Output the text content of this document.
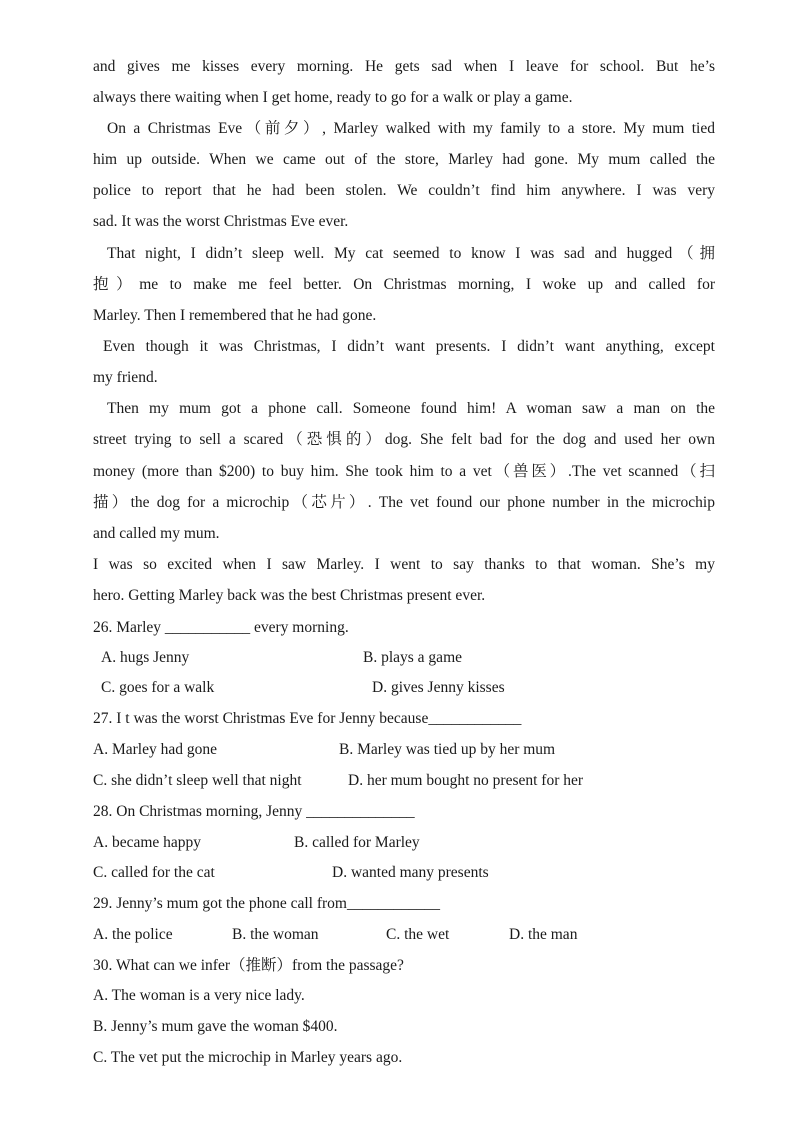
and gives me kisses every morning. He gets sad when I leave for school. But he’s
always there waiting when I get home, ready to go for a walk or play a game.
On a Christmas Eve（前夕）, Marley walked with my family to a store. My mum tied
him up outside. When we came out of the store, Marley had gone. My mum called the
police to report that he had been stolen. We couldn’t find him anywhere. I was very
sad. It was the worst Christmas Eve ever.
That night, I didn’t sleep well. My cat seemed to know I was sad and hugged（拥
抱）me to make me feel better. On Christmas morning, I woke up and called for
Marley. Then I remembered that he had gone.
Even though it was Christmas, I didn’t want presents. I didn’t want anything, except
my friend.
Then my mum got a phone call. Someone found him! A woman saw a man on the
street trying to sell a scared（恐惧的）dog. She felt bad for the dog and used her own
money (more than $200) to buy him. She took him to a vet（兽医）.The vet scanned（扫
描）the dog for a microchip（芯片）. The vet found our phone number in the microchip
and called my mum.
I was so excited when I saw Marley. I went to say thanks to that woman. She’s my
hero. Getting Marley back was the best Christmas present ever.
26. Marley ___________ every morning.
A. hugs Jenny	B. plays a game
C. goes for a walk	D. gives Jenny kisses
27. I t was the worst Christmas Eve for Jenny because____________
A. Marley had gone	B. Marley was tied up by her mum
C. she didn’t sleep well that night	D. her mum bought no present for her
28. On Christmas morning, Jenny ______________
A. became happy	B. called for Marley
C. called for the cat	D. wanted many presents
29. Jenny’s mum got the phone call from____________
A. the police	B. the woman	C. the wet	D. the man
30. What can we infer（推断）from the passage?
A. The woman is a very nice lady.
B. Jenny’s mum gave the woman $400.
C. The vet put the microchip in Marley years ago.
